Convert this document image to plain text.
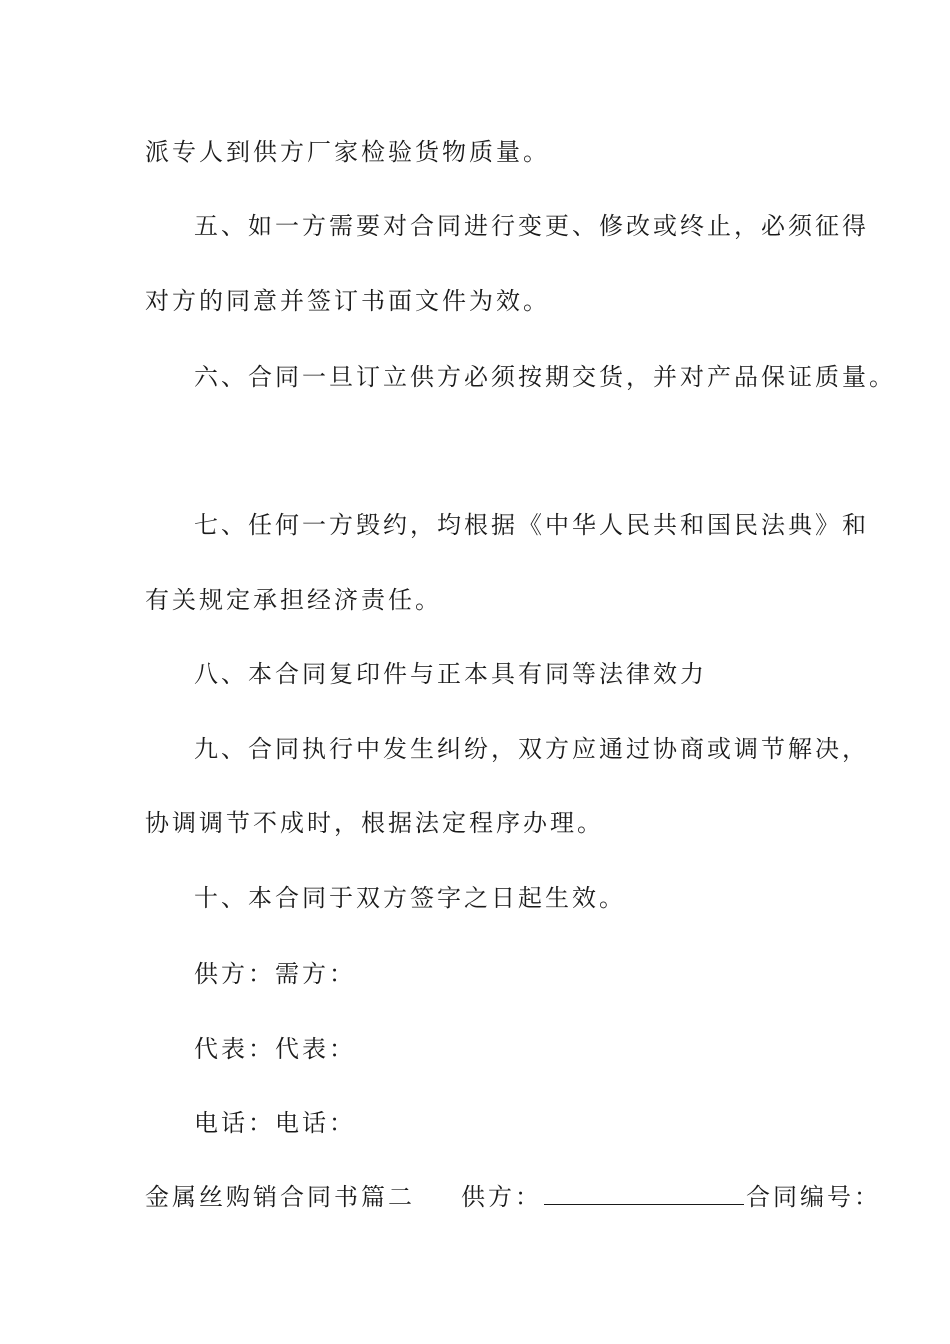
派专人到供方厂家检验货物质量。
五、如一方需要对合同进行变更、修改或终止，必须征得
对方的同意并签订书面文件为效。
六、合同一旦订立供方必须按期交货，并对产品保证质量。
七、任何一方毁约，均根据《中华人民共和国民法典》和
有关规定承担经济责任。
八、本合同复印件与正本具有同等法律效力
九、合同执行中发生纠纷，双方应通过协商或调节解决，
协调调节不成时，根据法定程序办理。
十、本合同于双方签字之日起生效。
供方：需方：
代表：代表：
电话：电话：
金属丝购销合同书篇二 供方：	合同编号：
